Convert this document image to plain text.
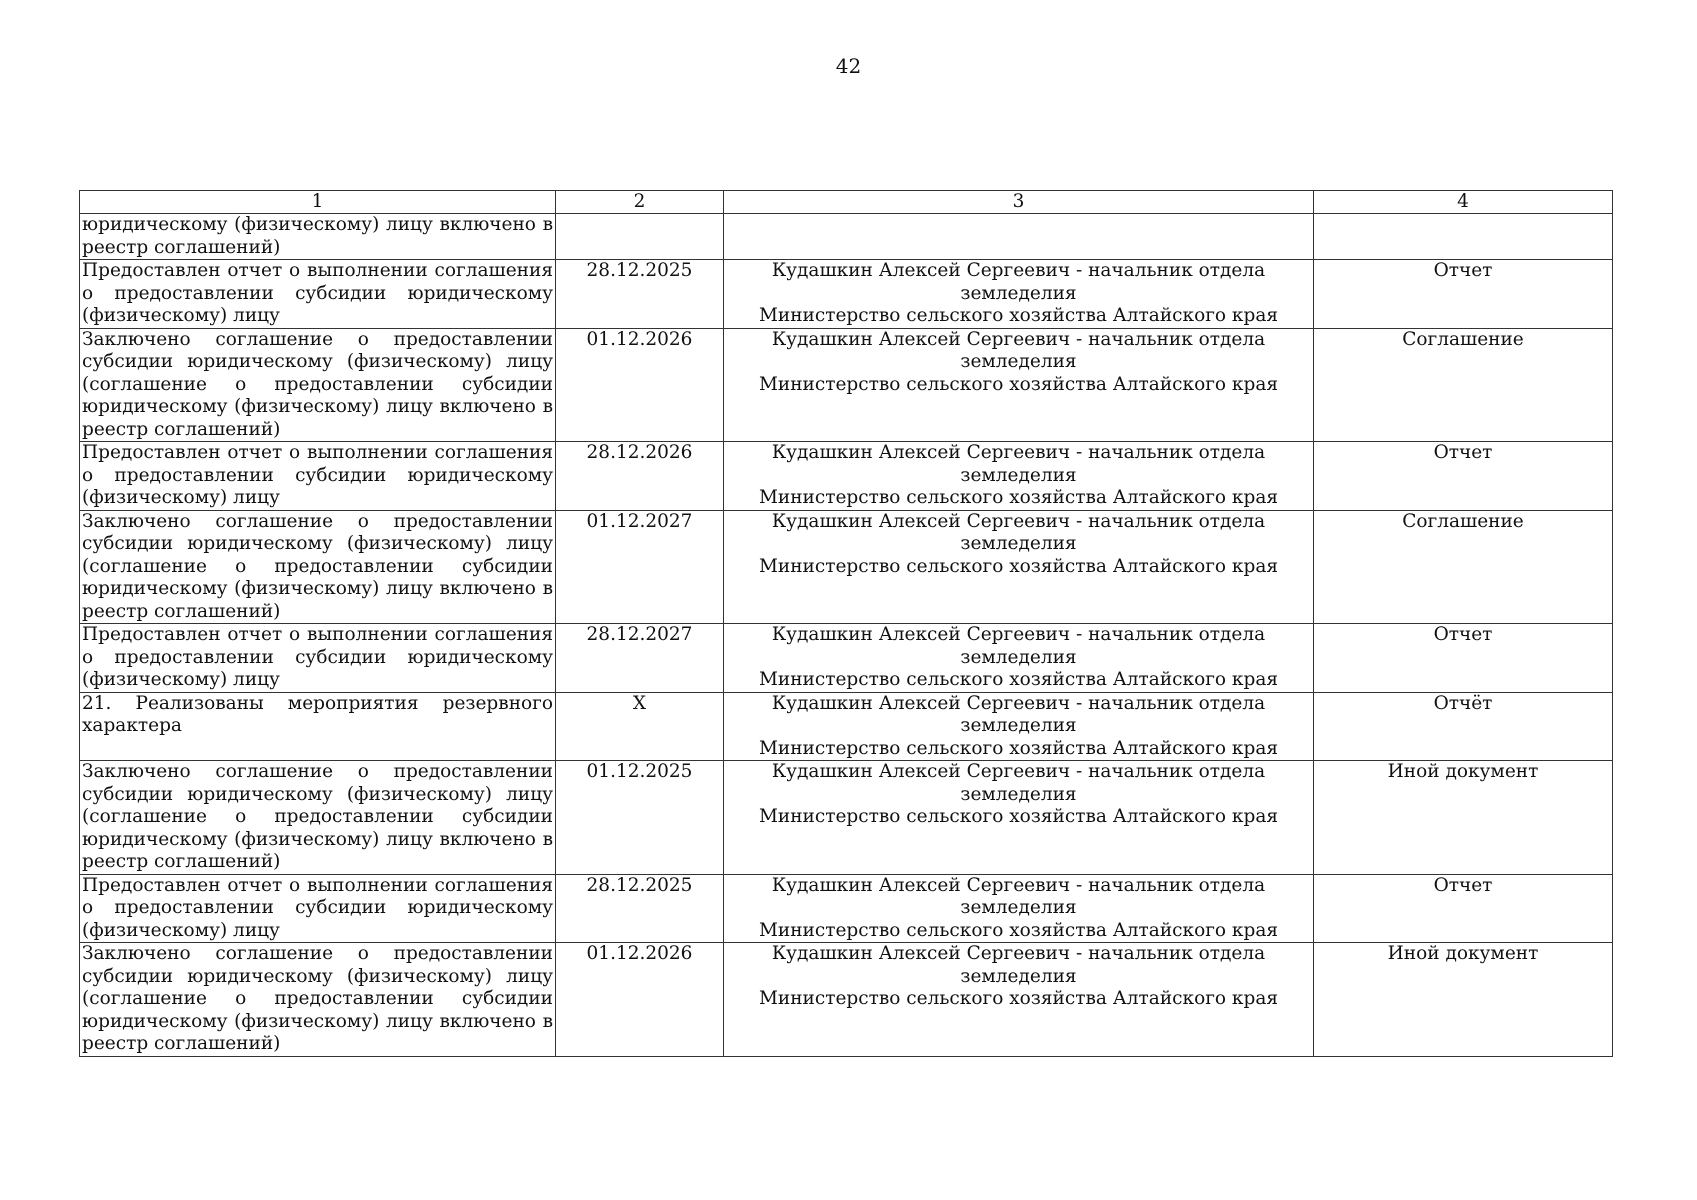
42
1	2	3	4
юридическому (физическому) лицу включено в реестр соглашений)		

Предоставлен отчет о выполнении соглашения о предоставлении субсидии юридическому (физическому) лицу	28.12.2025	Кудашкин Алексей Сергеевич - начальник отдела
земледелия
Министерство сельского хозяйства Алтайского края	Отчет
Заключено соглашение о предоставлении субсидии юридическому (физическому) лицу (соглашение о предоставлении субсидии юридическому (физическому) лицу включено в реестр соглашений)	01.12.2026	Кудашкин Алексей Сергеевич - начальник отдела
земледелия
Министерство сельского хозяйства Алтайского края	Соглашение
Предоставлен отчет о выполнении соглашения о предоставлении субсидии юридическому (физическому) лицу	28.12.2026	Кудашкин Алексей Сергеевич - начальник отдела
земледелия
Министерство сельского хозяйства Алтайского края	Отчет
Заключено соглашение о предоставлении субсидии юридическому (физическому) лицу (соглашение о предоставлении субсидии юридическому (физическому) лицу включено в реестр соглашений)	01.12.2027	Кудашкин Алексей Сергеевич - начальник отдела
земледелия
Министерство сельского хозяйства Алтайского края	Соглашение
Предоставлен отчет о выполнении соглашения о предоставлении субсидии юридическому (физическому) лицу	28.12.2027	Кудашкин Алексей Сергеевич - начальник отдела
земледелия
Министерство сельского хозяйства Алтайского края	Отчет
21. Реализованы мероприятия резервного характера	Х	Кудашкин Алексей Сергеевич - начальник отдела
земледелия
Министерство сельского хозяйства Алтайского края	Отчёт
Заключено соглашение о предоставлении субсидии юридическому (физическому) лицу (соглашение о предоставлении субсидии юридическому (физическому) лицу включено в реестр соглашений)	01.12.2025	Кудашкин Алексей Сергеевич - начальник отдела
земледелия
Министерство сельского хозяйства Алтайского края	Иной документ
Предоставлен отчет о выполнении соглашения о предоставлении субсидии юридическому (физическому) лицу	28.12.2025	Кудашкин Алексей Сергеевич - начальник отдела
земледелия
Министерство сельского хозяйства Алтайского края	Отчет
Заключено соглашение о предоставлении субсидии юридическому (физическому) лицу (соглашение о предоставлении субсидии юридическому (физическому) лицу включено в реестр соглашений)	01.12.2026	Кудашкин Алексей Сергеевич - начальник отдела
земледелия
Министерство сельского хозяйства Алтайского края	Иной документ
